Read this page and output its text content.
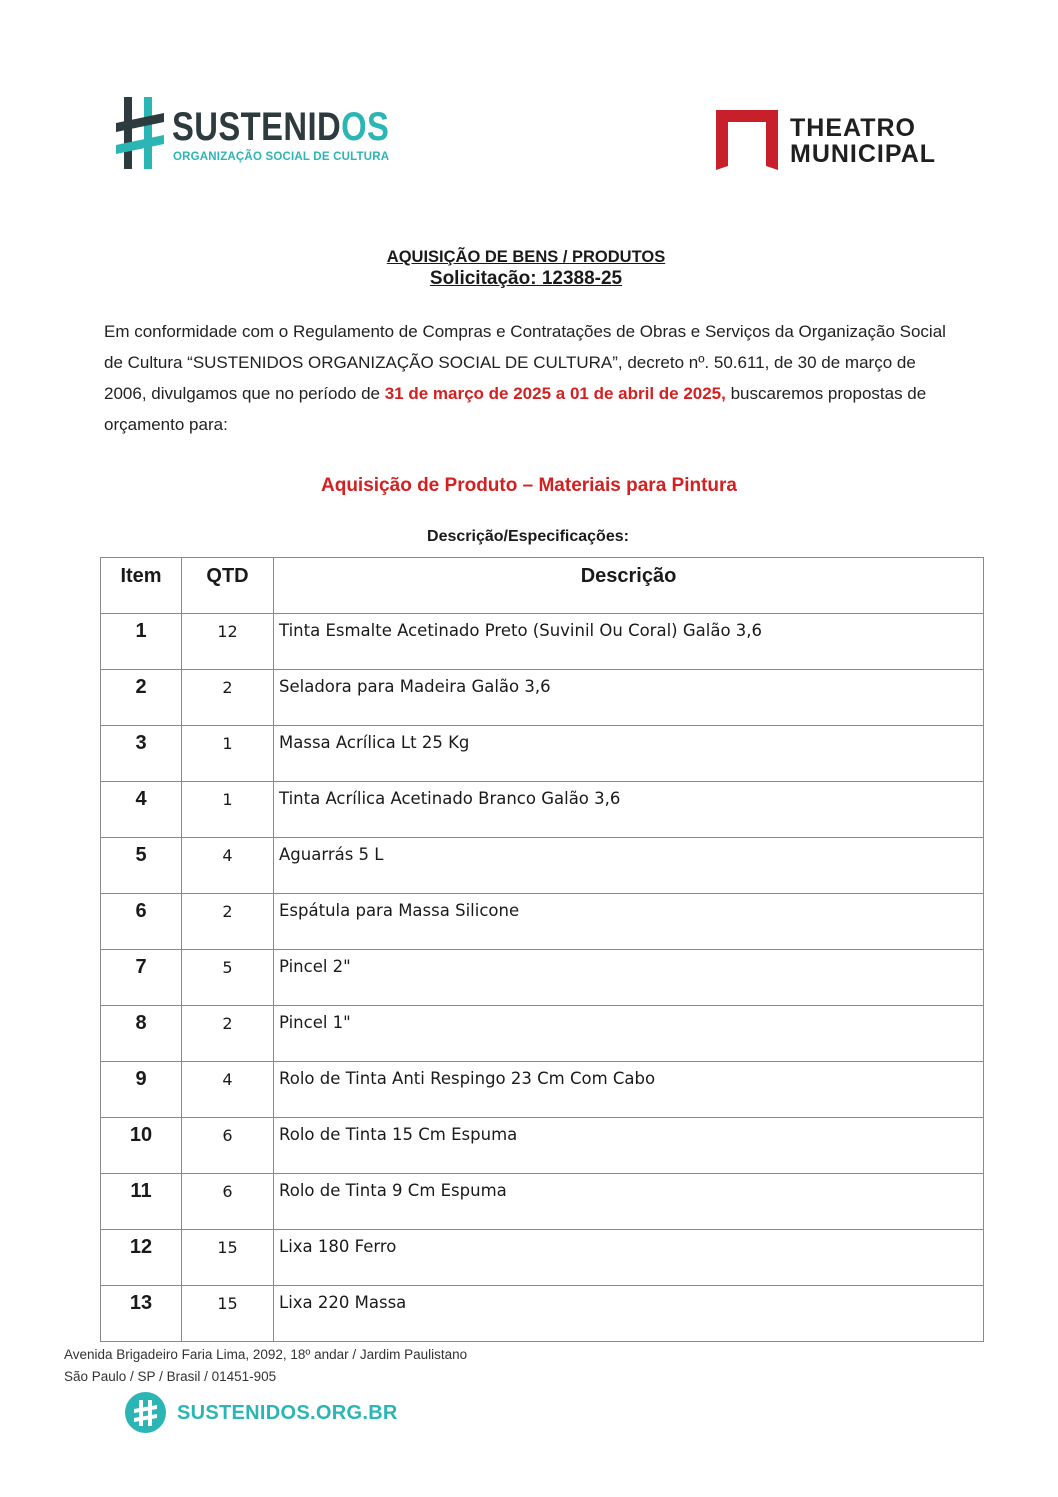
SUSTENIDOS
ORGANIZAÇÃO SOCIAL DE CULTURA
THEATRO
MUNICIPAL
AQUISIÇÃO DE BENS / PRODUTOS
Solicitação: 12388-25
Em conformidade com o Regulamento de Compras e Contratações de Obras e Serviços da Organização Social de Cultura “SUSTENIDOS ORGANIZAÇÃO SOCIAL DE CULTURA”, decreto nº. 50.611, de 30 de março de 2006, divulgamos que no período de 31 de março de 2025 a 01 de abril de 2025, buscaremos propostas de orçamento para:
Aquisição de Produto – Materiais para Pintura
Descrição/Especificações:
Item	QTD	Descrição
1	12	Tinta Esmalte Acetinado Preto (Suvinil Ou Coral) Galão 3,6
2	2	Seladora para Madeira Galão 3,6
3	1	Massa Acrílica Lt 25 Kg
4	1	Tinta Acrílica Acetinado Branco Galão 3,6
5	4	Aguarrás 5 L
6	2	Espátula para Massa Silicone
7	5	Pincel 2"
8	2	Pincel 1"
9	4	Rolo de Tinta Anti Respingo 23 Cm Com Cabo
10	6	Rolo de Tinta 15 Cm Espuma
11	6	Rolo de Tinta 9 Cm Espuma
12	15	Lixa 180 Ferro
13	15	Lixa 220 Massa
Avenida Brigadeiro Faria Lima, 2092, 18º andar / Jardim Paulistano
São Paulo / SP / Brasil / 01451-905
SUSTENIDOS.ORG.BR
